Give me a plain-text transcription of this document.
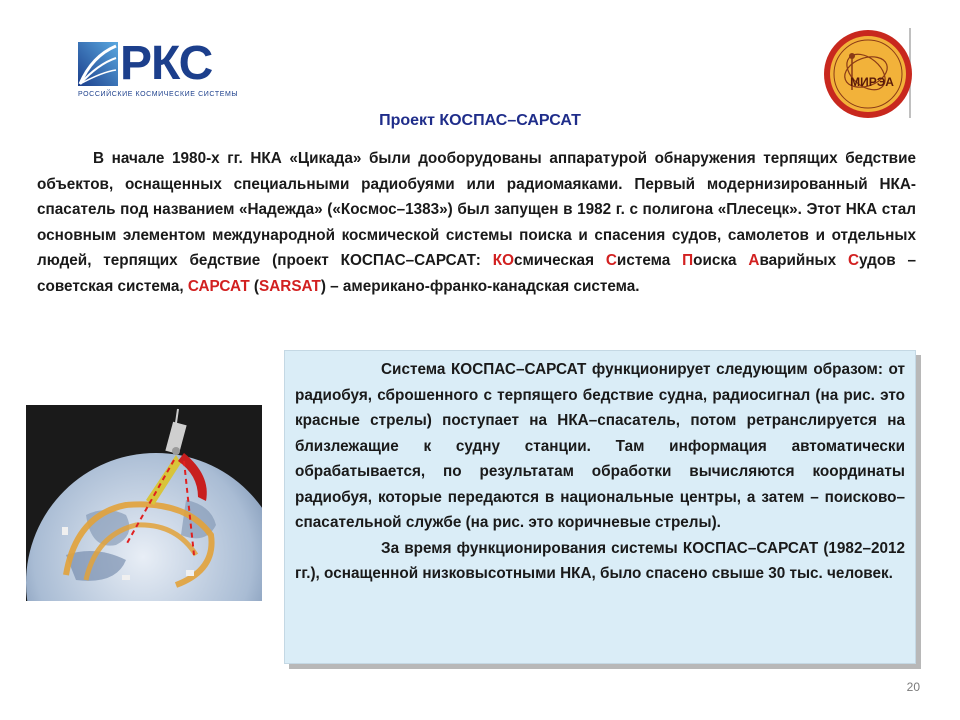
РКС
РОССИЙСКИЕ КОСМИЧЕСКИЕ СИСТЕМЫ
МИРЭА
Проект КОСПАС–САРСАТ
В начале 1980-х гг. НКА «Цикада» были дооборудованы аппаратурой обнаружения терпящих бедствие объектов, оснащенных специальными радиобуями или радиомаяками. Первый модернизированный НКА-спасатель под названием «Надежда» («Космос–1383») был запущен в 1982 г. с полигона «Плесецк». Этот НКА стал основным элементом международной космической системы поиска и спасения судов, самолетов и отдельных людей, терпящих бедствие (проект КОСПАС–САРСАТ: КОсмическая Система Поиска Аварийных Судов – советская система, САРСАТ (SARSAT) – американо-франко-канадская система.

Система КОСПАС–САРСАТ функционирует следующим образом: от радиобуя, сброшенного с терпящего бедствие судна, радиосигнал (на рис. это красные стрелы) поступает на НКА–спасатель, потом ретранслируется на близлежащие к судну станции. Там информация автоматически обрабатывается, по результатам обработки вычисляются координаты радиобуя, которые передаются в национальные центры, а затем – поисково–спасательной службе (на рис. это коричневые стрелы).

За время функционирования системы КОСПАС–САРСАТ (1982–2012 гг.), оснащенной низковысотными НКА, было спасено свыше 30 тыс. человек.

20
